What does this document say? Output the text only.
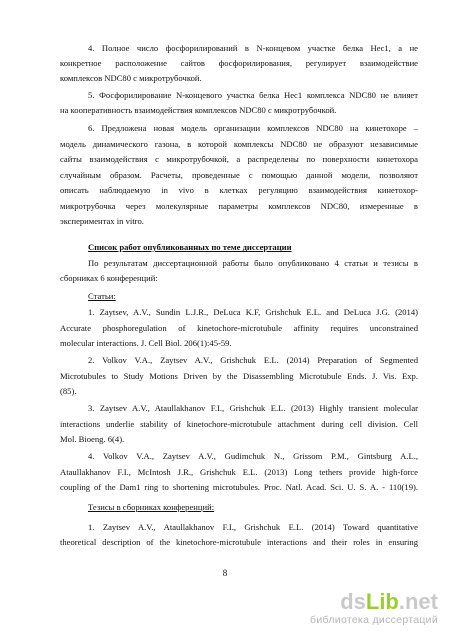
4. Полное число фосфорилирований в N-концевом участке белка Hec1, а не

конкретное расположение сайтов фосфорилирования, регулирует взаимодействие

комплексов NDC80 с микротрубочкой.

5. Фосфорилирование N-концевого участка белка Hec1 комплекса NDC80 не влияет

на кооперативность взаимодействия комплексов NDC80 с микротрубочкой.

6. Предложена новая модель организации комплексов NDC80 на кинетохоре –

модель динамического газона, в которой комплексы NDC80 не образуют независимые

сайты взаимодействия с микротрубочкой, а распределены по поверхности кинетохора

случайным образом. Расчеты, проведенные с помощью данной модели, позволяют

описать наблюдаемую in vivo в клетках регуляцию взаимодействия кинетохор-

микротрубочка через молекулярные параметры комплексов NDC80, измеренные в

экспериментах in vitro.

Список работ опубликованных по теме диссертации

По результатам диссертационной работы было опубликовано 4 статьи и тезисы в

сборниках 6 конференций:

Статьи:

1. Zaytsev, A.V., Sundin L.J.R., DeLuca K.F, Grishchuk E.L. and DeLuca J.G. (2014)

Accurate phosphoregulation of kinetochore-microtubule affinity requires unconstrained

molecular interactions. J. Cell Biol. 206(1):45-59.

2. Volkov V.A., Zaytsev A.V., Grishchuk E.L. (2014) Preparation of Segmented

Microtubules to Study Motions Driven by the Disassembling Microtubule Ends. J. Vis. Exp.

(85).

3. Zaytsev A.V., Ataullakhanov F.I., Grishchuk E.L. (2013) Highly transient molecular

interactions underlie stability of kinetochore-microtubule attachment during cell division. Cell

Mol. Bioeng. 6(4).

4. Volkov V.A., Zaytsev A.V., Gudimchuk N., Grissom P.M., Gintsburg A.L.,

Ataullakhanov F.I., McIntosh J.R., Grishchuk E.L. (2013) Long tethers provide high-force

coupling of the Dam1 ring to shortening microtubules. Proc. Natl. Acad. Sci. U. S. A. - 110(19).

Тезисы в сборниках конференций:

1. Zaytsev A.V., Ataullakhanov F.I., Grishchuk E.L. (2014) Toward quantitative

theoretical description of the kinetochore-microtubule interactions and their roles in ensuring

8
dsLib.net
библиотека диссертаций
